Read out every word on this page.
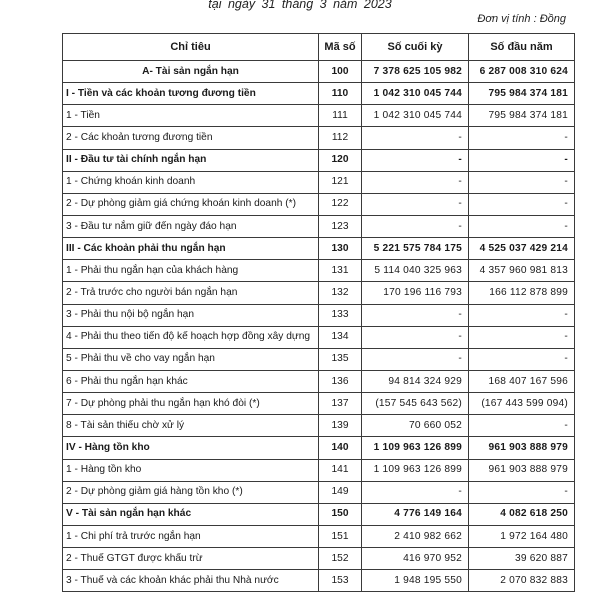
tại ngày 31 tháng 3 năm 2023
Đơn vị tính : Đồng
Chỉ tiêu	Mã số	Số cuối kỳ	Số đầu năm
A- Tài sản ngắn hạn	100	7 378 625 105 982	6 287 008 310 624
I - Tiền và các khoản tương đương tiền	110	1 042 310 045 744	795 984 374 181
1 - Tiền	111	1 042 310 045 744	795 984 374 181
2 - Các khoản tương đương tiền	112	-	-
II - Đầu tư tài chính ngắn hạn	120	-	-
1 - Chứng khoán kinh doanh	121	-	-
2 - Dự phòng giảm giá chứng khoán kinh doanh (*)	122	-	-
3 - Đầu tư nắm giữ đến ngày đáo hạn	123	-	-
III - Các khoản phải thu ngắn hạn	130	5 221 575 784 175	4 525 037 429 214
1 - Phải thu ngắn hạn của khách hàng	131	5 114 040 325 963	4 357 960 981 813
2 - Trả trước cho người bán ngắn hạn	132	170 196 116 793	166 112 878 899
3 - Phải thu nội bộ ngắn hạn	133	-	-
4 - Phải thu theo tiến độ kế hoạch hợp đồng xây dựng	134	-	-
5 - Phải thu về cho vay ngắn hạn	135	-	-
6 - Phải thu ngắn hạn khác	136	94 814 324 929	168 407 167 596
7 - Dự phòng phải thu ngắn hạn khó đòi (*)	137	(157 545 643 562)	(167 443 599 094)
8 - Tài sản thiếu chờ xử lý	139	70 660 052	-
IV - Hàng tồn kho	140	1 109 963 126 899	961 903 888 979
1 - Hàng tồn kho	141	1 109 963 126 899	961 903 888 979
2 - Dự phòng giảm giá hàng tồn kho (*)	149	-	-
V - Tài sản ngắn hạn khác	150	4 776 149 164	4 082 618 250
1 - Chi phí trả trước ngắn hạn	151	2 410 982 662	1 972 164 480
2 - Thuế GTGT được khấu trừ	152	416 970 952	39 620 887
3 - Thuế và các khoản khác phải thu Nhà nước	153	1 948 195 550	2 070 832 883
